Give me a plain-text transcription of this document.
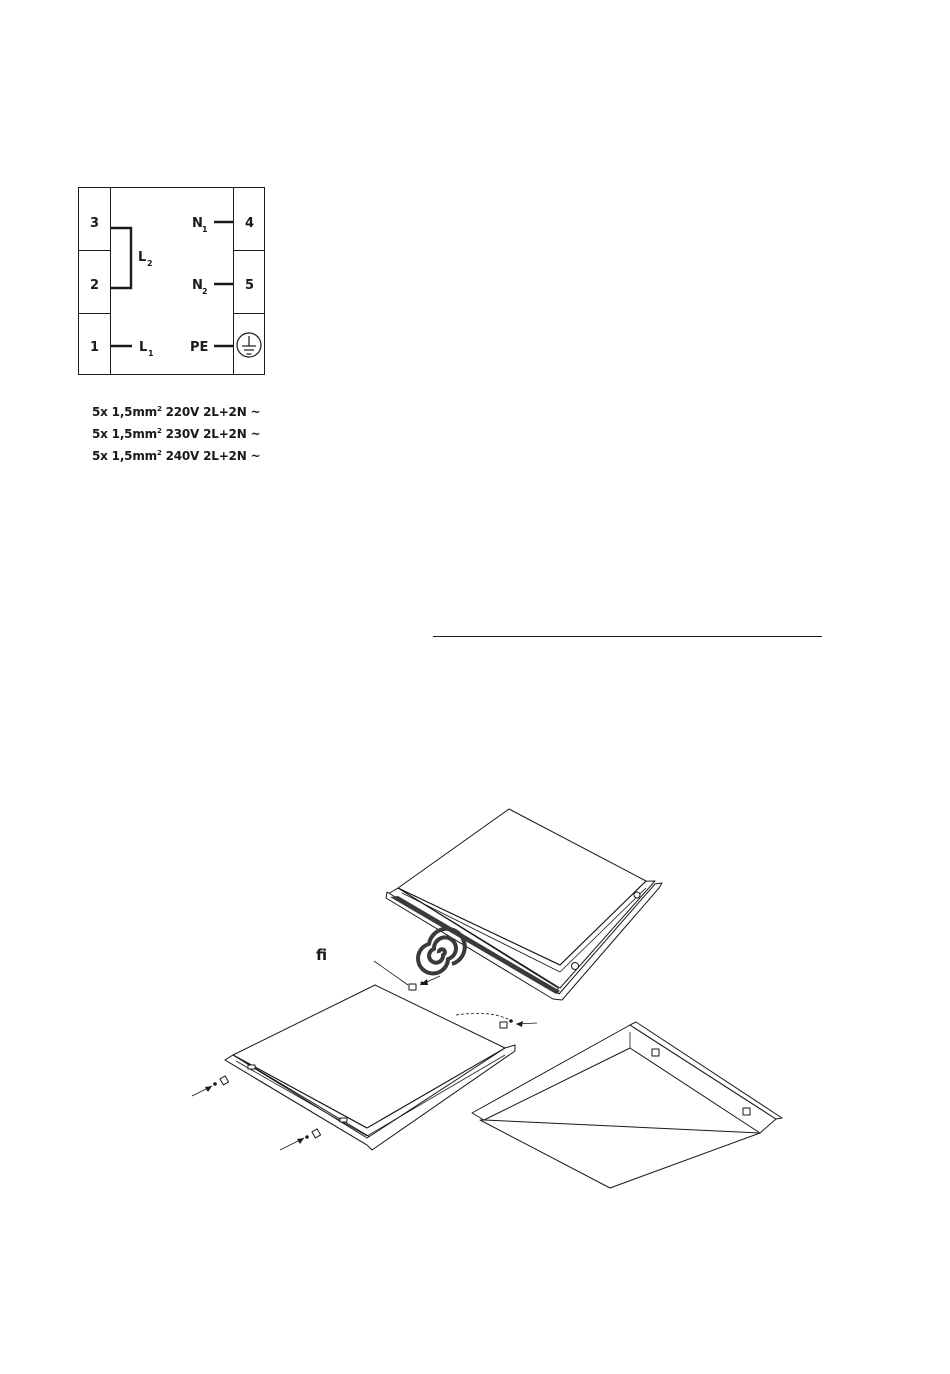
3
2
1
4
5
L 2
L 1
N 1
N 2
PE
5x $1,5mm^2$ 220V 2L+2N ~
5x $1,5mm^2$ 230V 2L+2N ~
5x $1,5mm^2$ 240V 2L+2N ~
ﬁ
